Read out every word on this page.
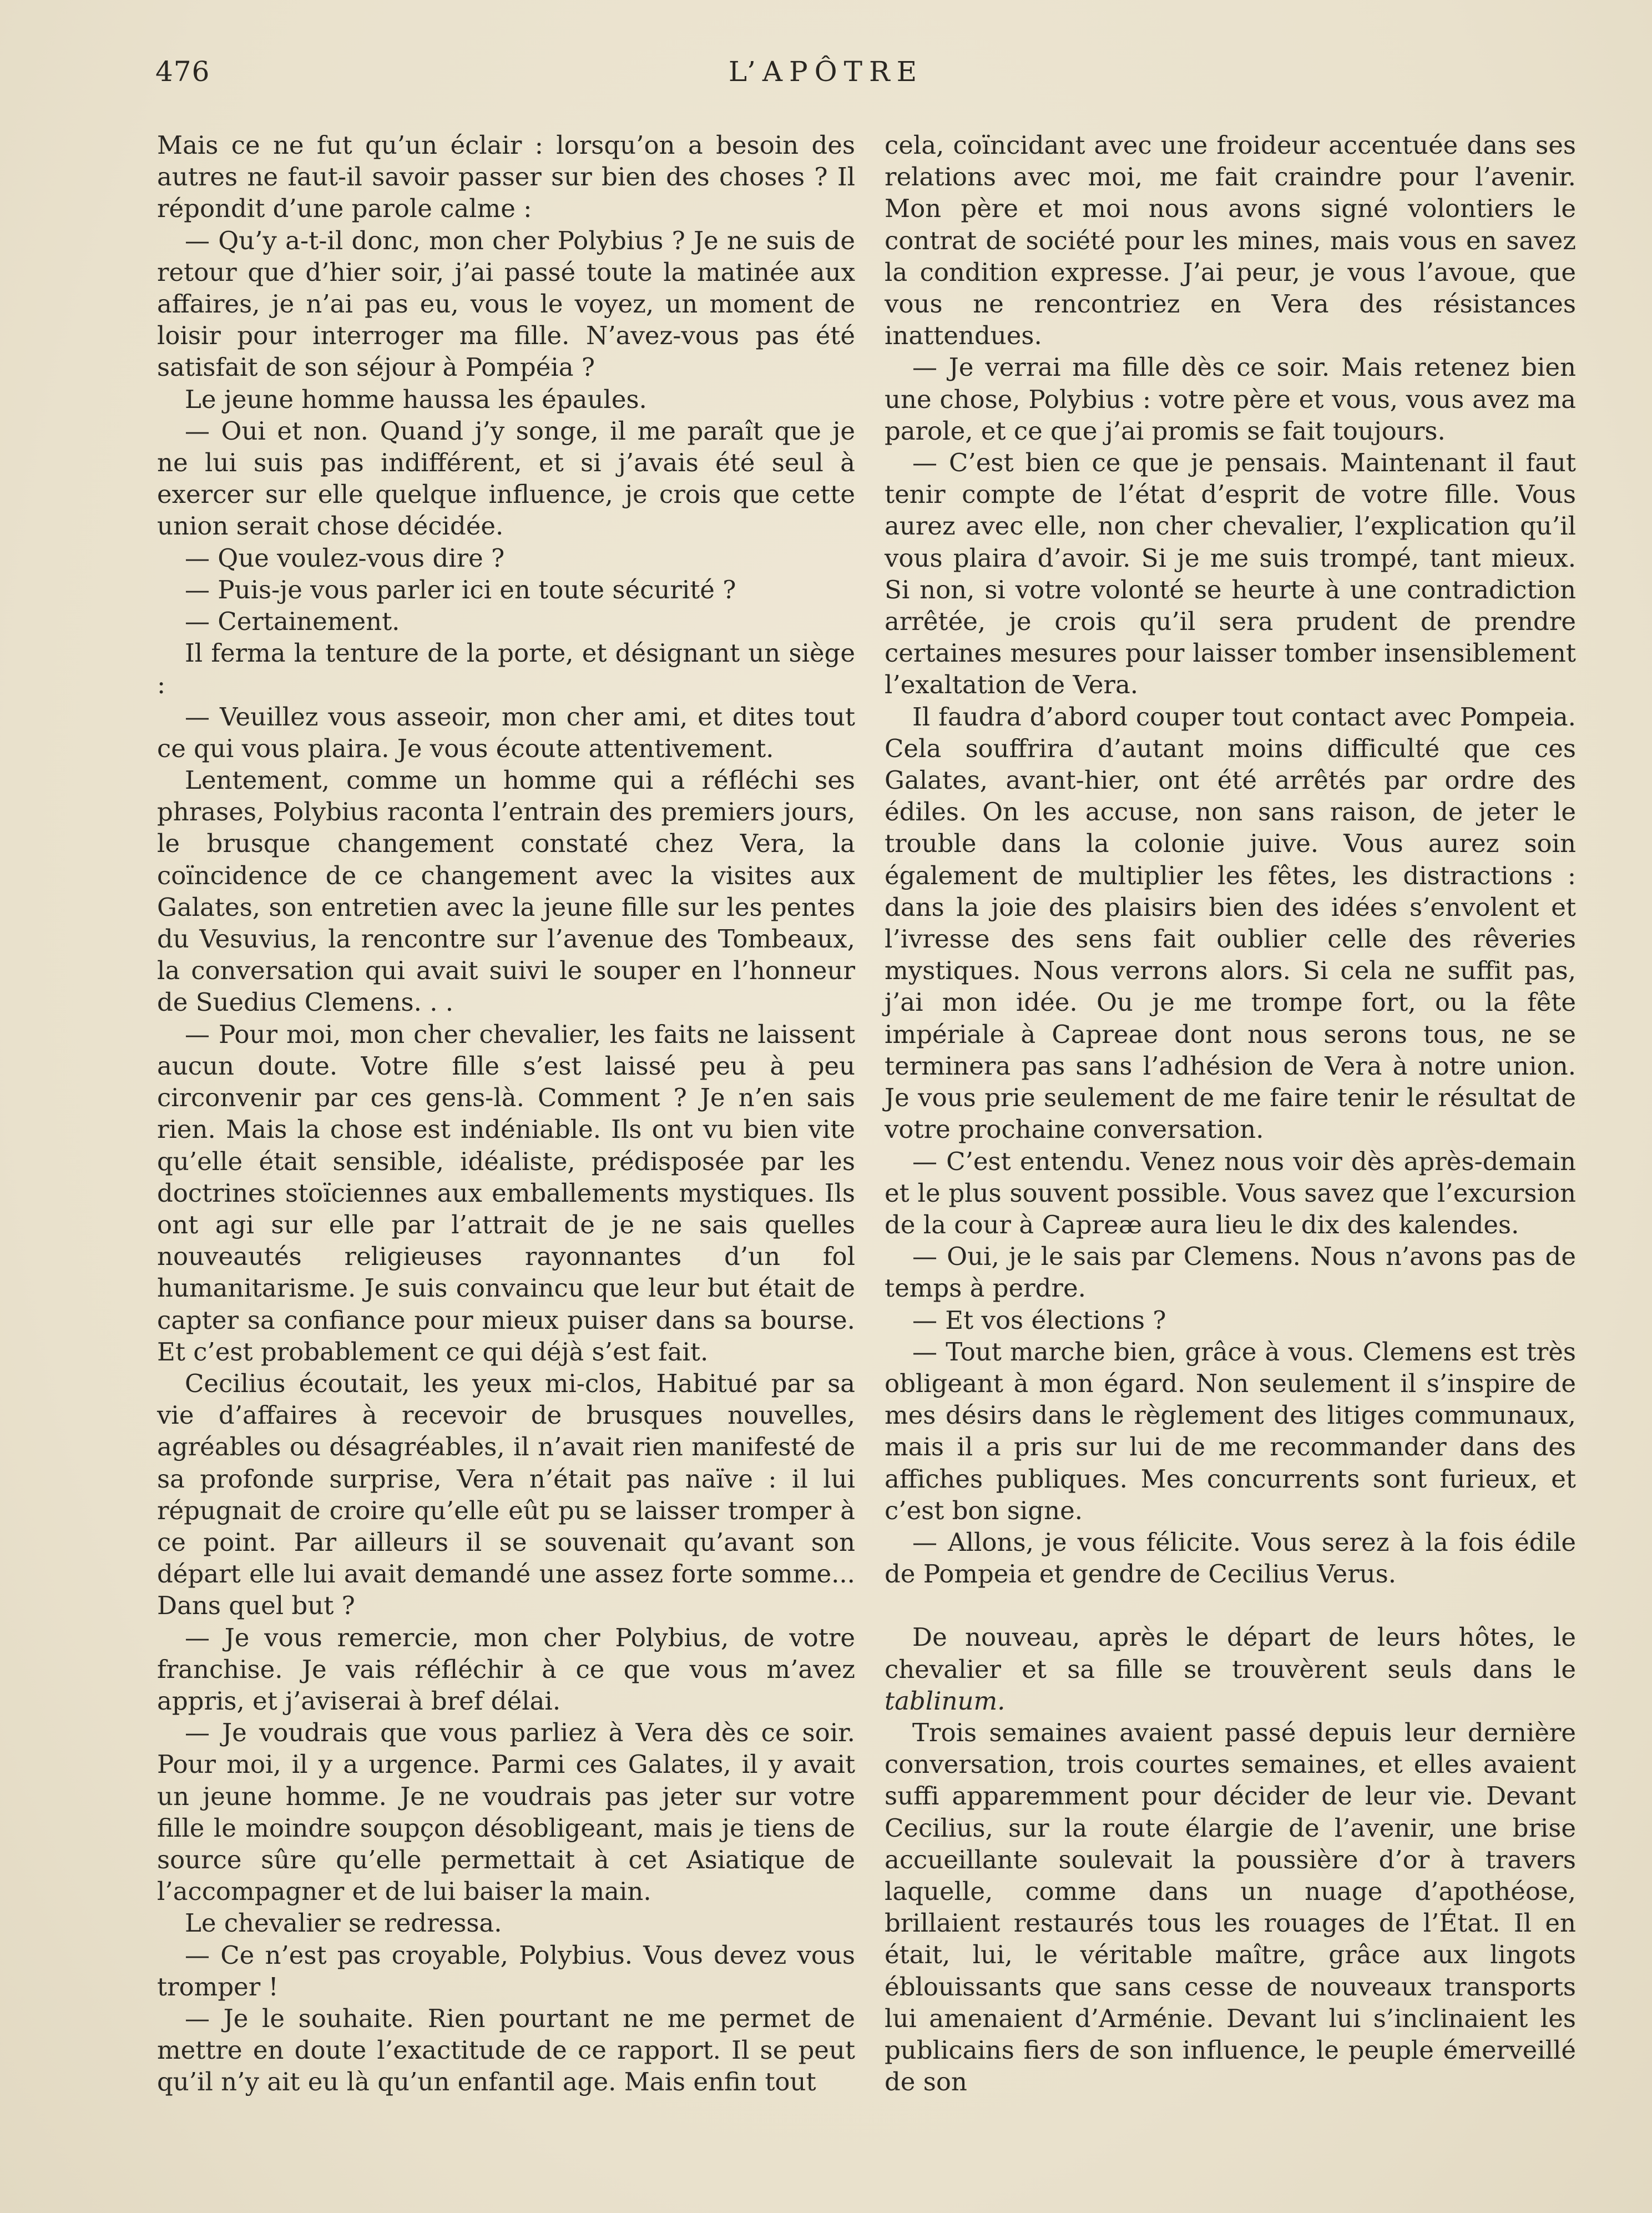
476	L’APÔTRE

Mais ce ne fut qu’un éclair : lorsqu’on a besoin des autres ne faut-il savoir passer sur bien des choses ? Il répondit d’une parole calme :

— Qu’y a-t-il donc, mon cher Polybius ? Je ne suis de retour que d’hier soir, j’ai passé toute la matinée aux affaires, je n’ai pas eu, vous le voyez, un moment de loisir pour interroger ma fille. N’avez-vous pas été satisfait de son séjour à Pompéia ?

Le jeune homme haussa les épaules.

— Oui et non. Quand j’y songe, il me paraît que je ne lui suis pas indifférent, et si j’avais été seul à exercer sur elle quelque influence, je crois que cette union serait chose décidée.

— Que voulez-vous dire ?

— Puis-je vous parler ici en toute sécurité ?

— Certainement.

Il ferma la tenture de la porte, et désignant un siège :

— Veuillez vous asseoir, mon cher ami, et dites tout ce qui vous plaira. Je vous écoute attentivement.

Lentement, comme un homme qui a réfléchi ses phrases, Polybius raconta l’entrain des premiers jours, le brusque changement constaté chez Vera, la coïncidence de ce changement avec la visites aux Galates, son entretien avec la jeune fille sur les pentes du Vesuvius, la rencontre sur l’avenue des Tombeaux, la conversation qui avait suivi le souper en l’honneur de Suedius Clemens. . .

— Pour moi, mon cher chevalier, les faits ne laissent aucun doute. Votre fille s’est laissé peu à peu circonvenir par ces gens-là. Comment ? Je n’en sais rien. Mais la chose est indéniable. Ils ont vu bien vite qu’elle était sensible, idéaliste, prédisposée par les doctrines stoïciennes aux emballements mystiques. Ils ont agi sur elle par l’attrait de je ne sais quelles nouveautés religieuses rayonnantes d’un fol humanitarisme. Je suis convaincu que leur but était de capter sa confiance pour mieux puiser dans sa bourse. Et c’est probablement ce qui déjà s’est fait.

Cecilius écoutait, les yeux mi-clos, Habitué par sa vie d’affaires à recevoir de brusques nouvelles, agréables ou désagréables, il n’avait rien manifesté de sa profonde surprise, Vera n’était pas naïve : il lui répugnait de croire qu’elle eût pu se laisser tromper à ce point. Par ailleurs il se souvenait qu’avant son départ elle lui avait demandé une assez forte somme... Dans quel but ?

— Je vous remercie, mon cher Polybius, de votre franchise. Je vais réfléchir à ce que vous m’avez appris, et j’aviserai à bref délai.

— Je voudrais que vous parliez à Vera dès ce soir. Pour moi, il y a urgence. Parmi ces Galates, il y avait un jeune homme. Je ne voudrais pas jeter sur votre fille le moindre soupçon désobligeant, mais je tiens de source sûre qu’elle permettait à cet Asiatique de l’accompagner et de lui baiser la main.

Le chevalier se redressa.

— Ce n’est pas croyable, Polybius. Vous devez vous tromper !

— Je le souhaite. Rien pourtant ne me permet de mettre en doute l’exactitude de ce rapport. Il se peut qu’il n’y ait eu là qu’un enfantil age. Mais enfin tout

cela, coïncidant avec une froideur accentuée dans ses relations avec moi, me fait craindre pour l’avenir. Mon père et moi nous avons signé volontiers le contrat de société pour les mines, mais vous en savez la condition expresse. J’ai peur, je vous l’avoue, que vous ne rencontriez en Vera des résistances inattendues.

— Je verrai ma fille dès ce soir. Mais retenez bien une chose, Polybius : votre père et vous, vous avez ma parole, et ce que j’ai promis se fait toujours.

— C’est bien ce que je pensais. Maintenant il faut tenir compte de l’état d’esprit de votre fille. Vous aurez avec elle, non cher chevalier, l’explication qu’il vous plaira d’avoir. Si je me suis trompé, tant mieux. Si non, si votre volonté se heurte à une contradiction arrêtée, je crois qu’il sera prudent de prendre certaines mesures pour laisser tomber insensiblement l’exaltation de Vera.

Il faudra d’abord couper tout contact avec Pompeia. Cela souffrira d’autant moins difficulté que ces Galates, avant-hier, ont été arrêtés par ordre des édiles. On les accuse, non sans raison, de jeter le trouble dans la colonie juive. Vous aurez soin également de multiplier les fêtes, les distractions : dans la joie des plaisirs bien des idées s’envolent et l’ivresse des sens fait oublier celle des rêveries mystiques. Nous verrons alors. Si cela ne suffit pas, j’ai mon idée. Ou je me trompe fort, ou la fête impériale à Capreae dont nous serons tous, ne se terminera pas sans l’adhésion de Vera à notre union. Je vous prie seulement de me faire tenir le résultat de votre prochaine conversation.

— C’est entendu. Venez nous voir dès après-demain et le plus souvent possible. Vous savez que l’excursion de la cour à Capreæ aura lieu le dix des kalendes.

— Oui, je le sais par Clemens. Nous n’avons pas de temps à perdre.

— Et vos élections ?

— Tout marche bien, grâce à vous. Clemens est très obligeant à mon égard. Non seulement il s’inspire de mes désirs dans le règlement des litiges communaux, mais il a pris sur lui de me recommander dans des affiches publiques. Mes concurrents sont furieux, et c’est bon signe.

— Allons, je vous félicite. Vous serez à la fois édile de Pompeia et gendre de Cecilius Verus.

De nouveau, après le départ de leurs hôtes, le chevalier et sa fille se trouvèrent seuls dans le tablinum.

Trois semaines avaient passé depuis leur dernière conversation, trois courtes semaines, et elles avaient suffi apparemment pour décider de leur vie. Devant Cecilius, sur la route élargie de l’avenir, une brise accueillante soulevait la poussière d’or à travers laquelle, comme dans un nuage d’apothéose, brillaient restaurés tous les rouages de l’État. Il en était, lui, le véritable maître, grâce aux lingots éblouissants que sans cesse de nouveaux transports lui amenaient d’Arménie. Devant lui s’inclinaient les publicains fiers de son influence, le peuple émerveillé de son
